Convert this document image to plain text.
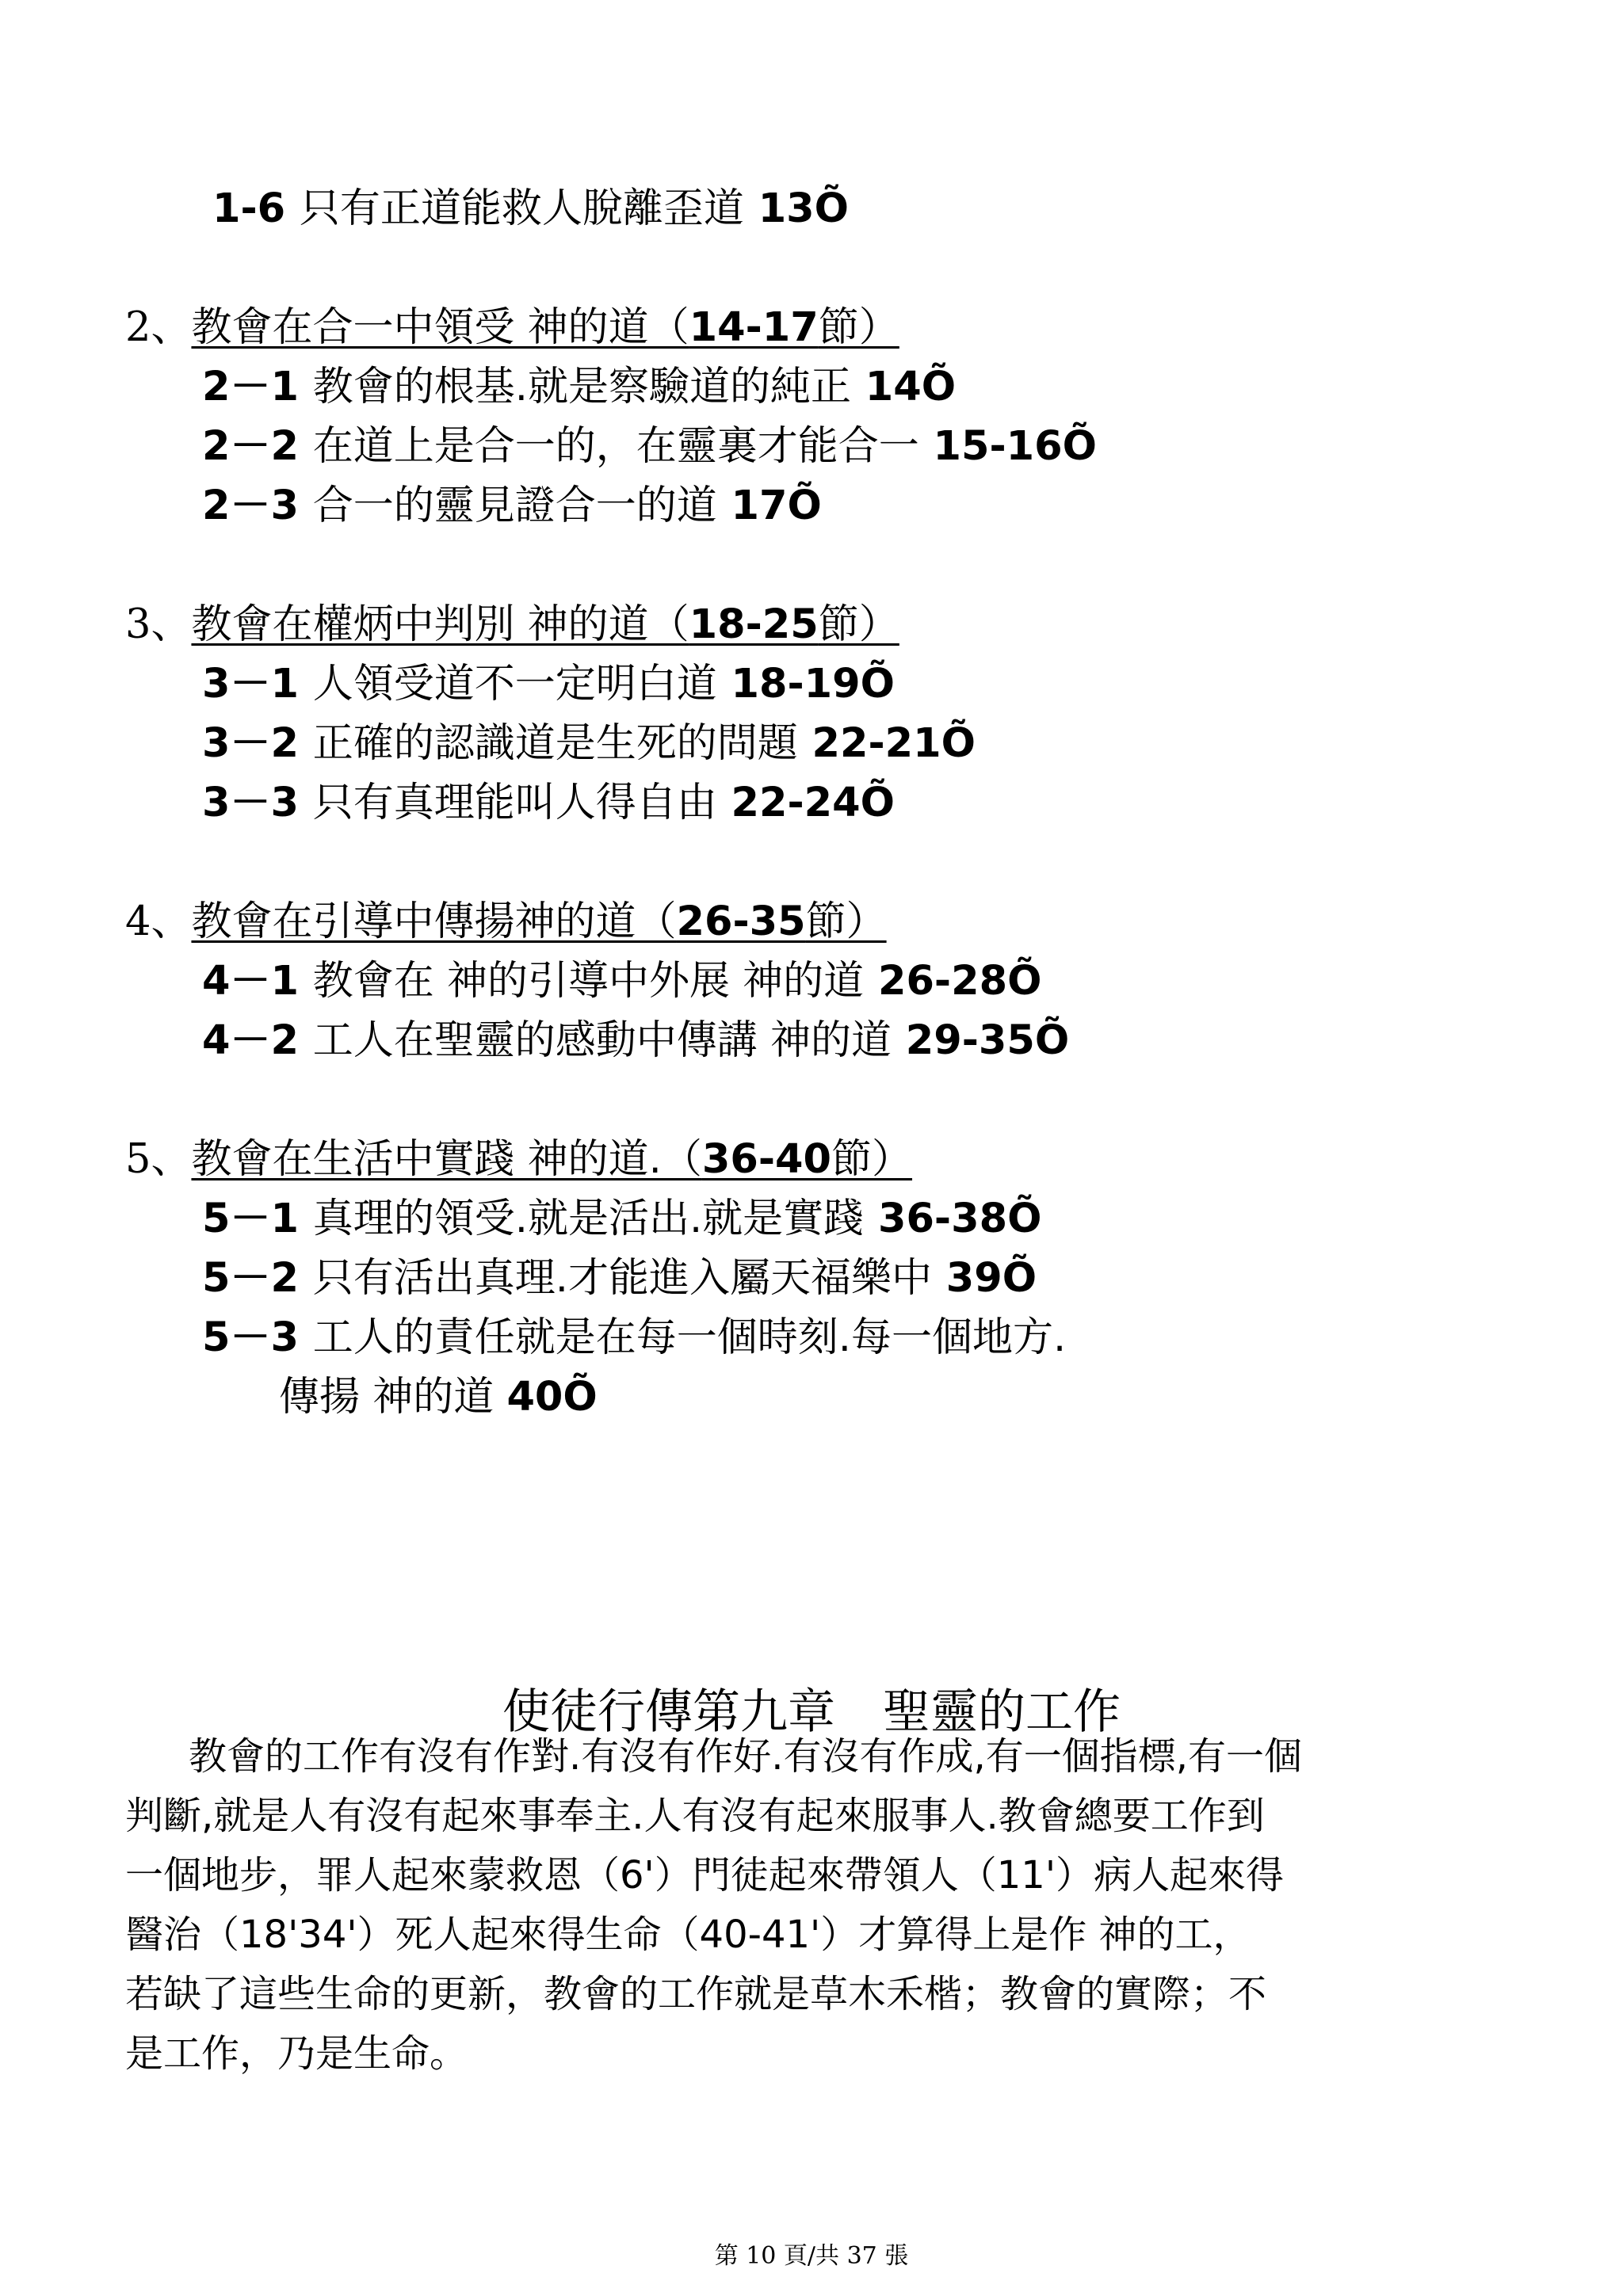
1-6 只有正道能救人脫離歪道 13Õ
2、教會在合一中領受 神的道（14-17節）
2－1 教會的根基.就是察驗道的純正 14Õ
2－2 在道上是合一的，在靈裏才能合一 15-16Õ
2－3 合一的靈見證合一的道 17Õ
3、教會在權炳中判別 神的道（18-25節）
3－1 人領受道不一定明白道 18-19Õ
3－2 正確的認識道是生死的問題 22-21Õ
3－3 只有真理能叫人得自由 22-24Õ
4、教會在引導中傳揚神的道（26-35節）
4－1 教會在 神的引導中外展 神的道 26-28Õ
4－2 工人在聖靈的感動中傳講 神的道 29-35Õ
5、教會在生活中實踐 神的道.（36-40節）
5－1 真理的領受.就是活出.就是實踐 36-38Õ
5－2 只有活出真理.才能進入屬天福樂中 39Õ
5－3 工人的責任就是在每一個時刻.每一個地方.
傳揚 神的道 40Õ
使徒行傳第九章　聖靈的工作
教會的工作有沒有作對.有沒有作好.有沒有作成,有一個指標,有一個
判斷,就是人有沒有起來事奉主.人有沒有起來服事人.教會總要工作到
一個地步，罪人起來蒙救恩（6'）門徒起來帶領人（11'）病人起來得
醫治（18'34'）死人起來得生命（40-41'）才算得上是作 神的工，
若缺了這些生命的更新，教會的工作就是草木禾楷；教會的實際；不
是工作，乃是生命。
第 10 頁/共 37 張
